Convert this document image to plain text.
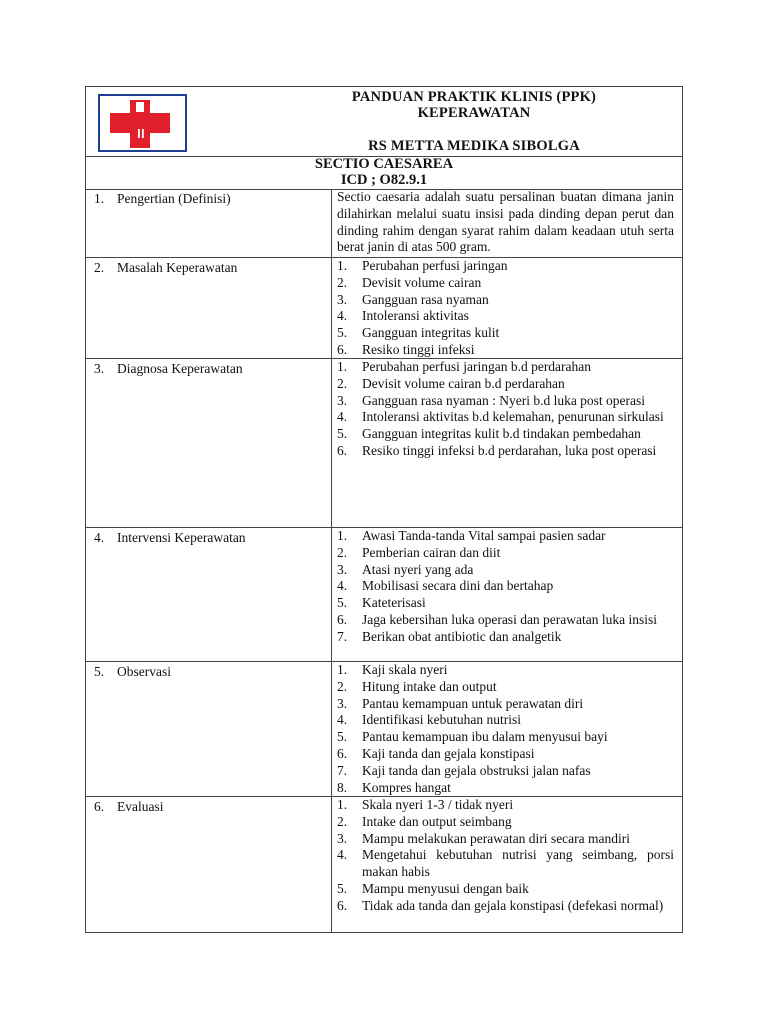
PANDUAN PRAKTIK KLINIS (PPK)
KEPERAWATAN
RS METTA MEDIKA SIBOLGA
SECTIO CAESAREA
ICD ; O82.9.1
1. Pengertian (Definisi)	Sectio caesaria adalah suatu persalinan buatan dimana janin dilahirkan melalui suatu insisi pada dinding depan perut dan dinding rahim dengan syarat rahim dalam keadaan utuh serta berat janin di atas 500 gram.

2. Masalah Keperawatan	1.	Perubahan perfusi jaringan
2.	Devisit volume cairan
3.	Gangguan rasa nyaman
4.	Intoleransi aktivitas
5.	Gangguan integritas kulit
6.	Resiko tinggi infeksi
3. Diagnosa Keperawatan	1.	Perubahan perfusi jaringan b.d perdarahan
2.	Devisit volume cairan b.d perdarahan
3.	Gangguan rasa nyaman : Nyeri b.d luka post operasi
4.	Intoleransi aktivitas b.d kelemahan, penurunan sirkulasi
5.	Gangguan integritas kulit b.d tindakan pembedahan
6.	Resiko tinggi infeksi b.d perdarahan, luka post operasi
4. Intervensi Keperawatan	1.	Awasi Tanda-tanda Vital sampai pasien sadar
2.	Pemberian cairan dan diit
3.	Atasi nyeri yang ada
4.	Mobilisasi secara dini dan bertahap
5.	Kateterisasi
6.	Jaga kebersihan luka operasi dan perawatan luka insisi
7.	Berikan obat antibiotic dan analgetik
5. Observasi	1.	Kaji skala nyeri
2.	Hitung intake dan output
3.	Pantau kemampuan untuk perawatan diri
4.	Identifikasi kebutuhan nutrisi
5.	Pantau kemampuan ibu dalam menyusui bayi
6.	Kaji tanda dan gejala konstipasi
7.	Kaji tanda dan gejala obstruksi jalan nafas
8.	Kompres hangat
6. Evaluasi	1.	Skala nyeri 1-3 / tidak nyeri
2.	Intake dan output seimbang
3.	Mampu melakukan perawatan diri secara mandiri
4.	Mengetahui kebutuhan nutrisi yang seimbang, porsi makan habis
5.	Mampu menyusui dengan baik
6.	Tidak ada tanda dan gejala konstipasi (defekasi normal)
